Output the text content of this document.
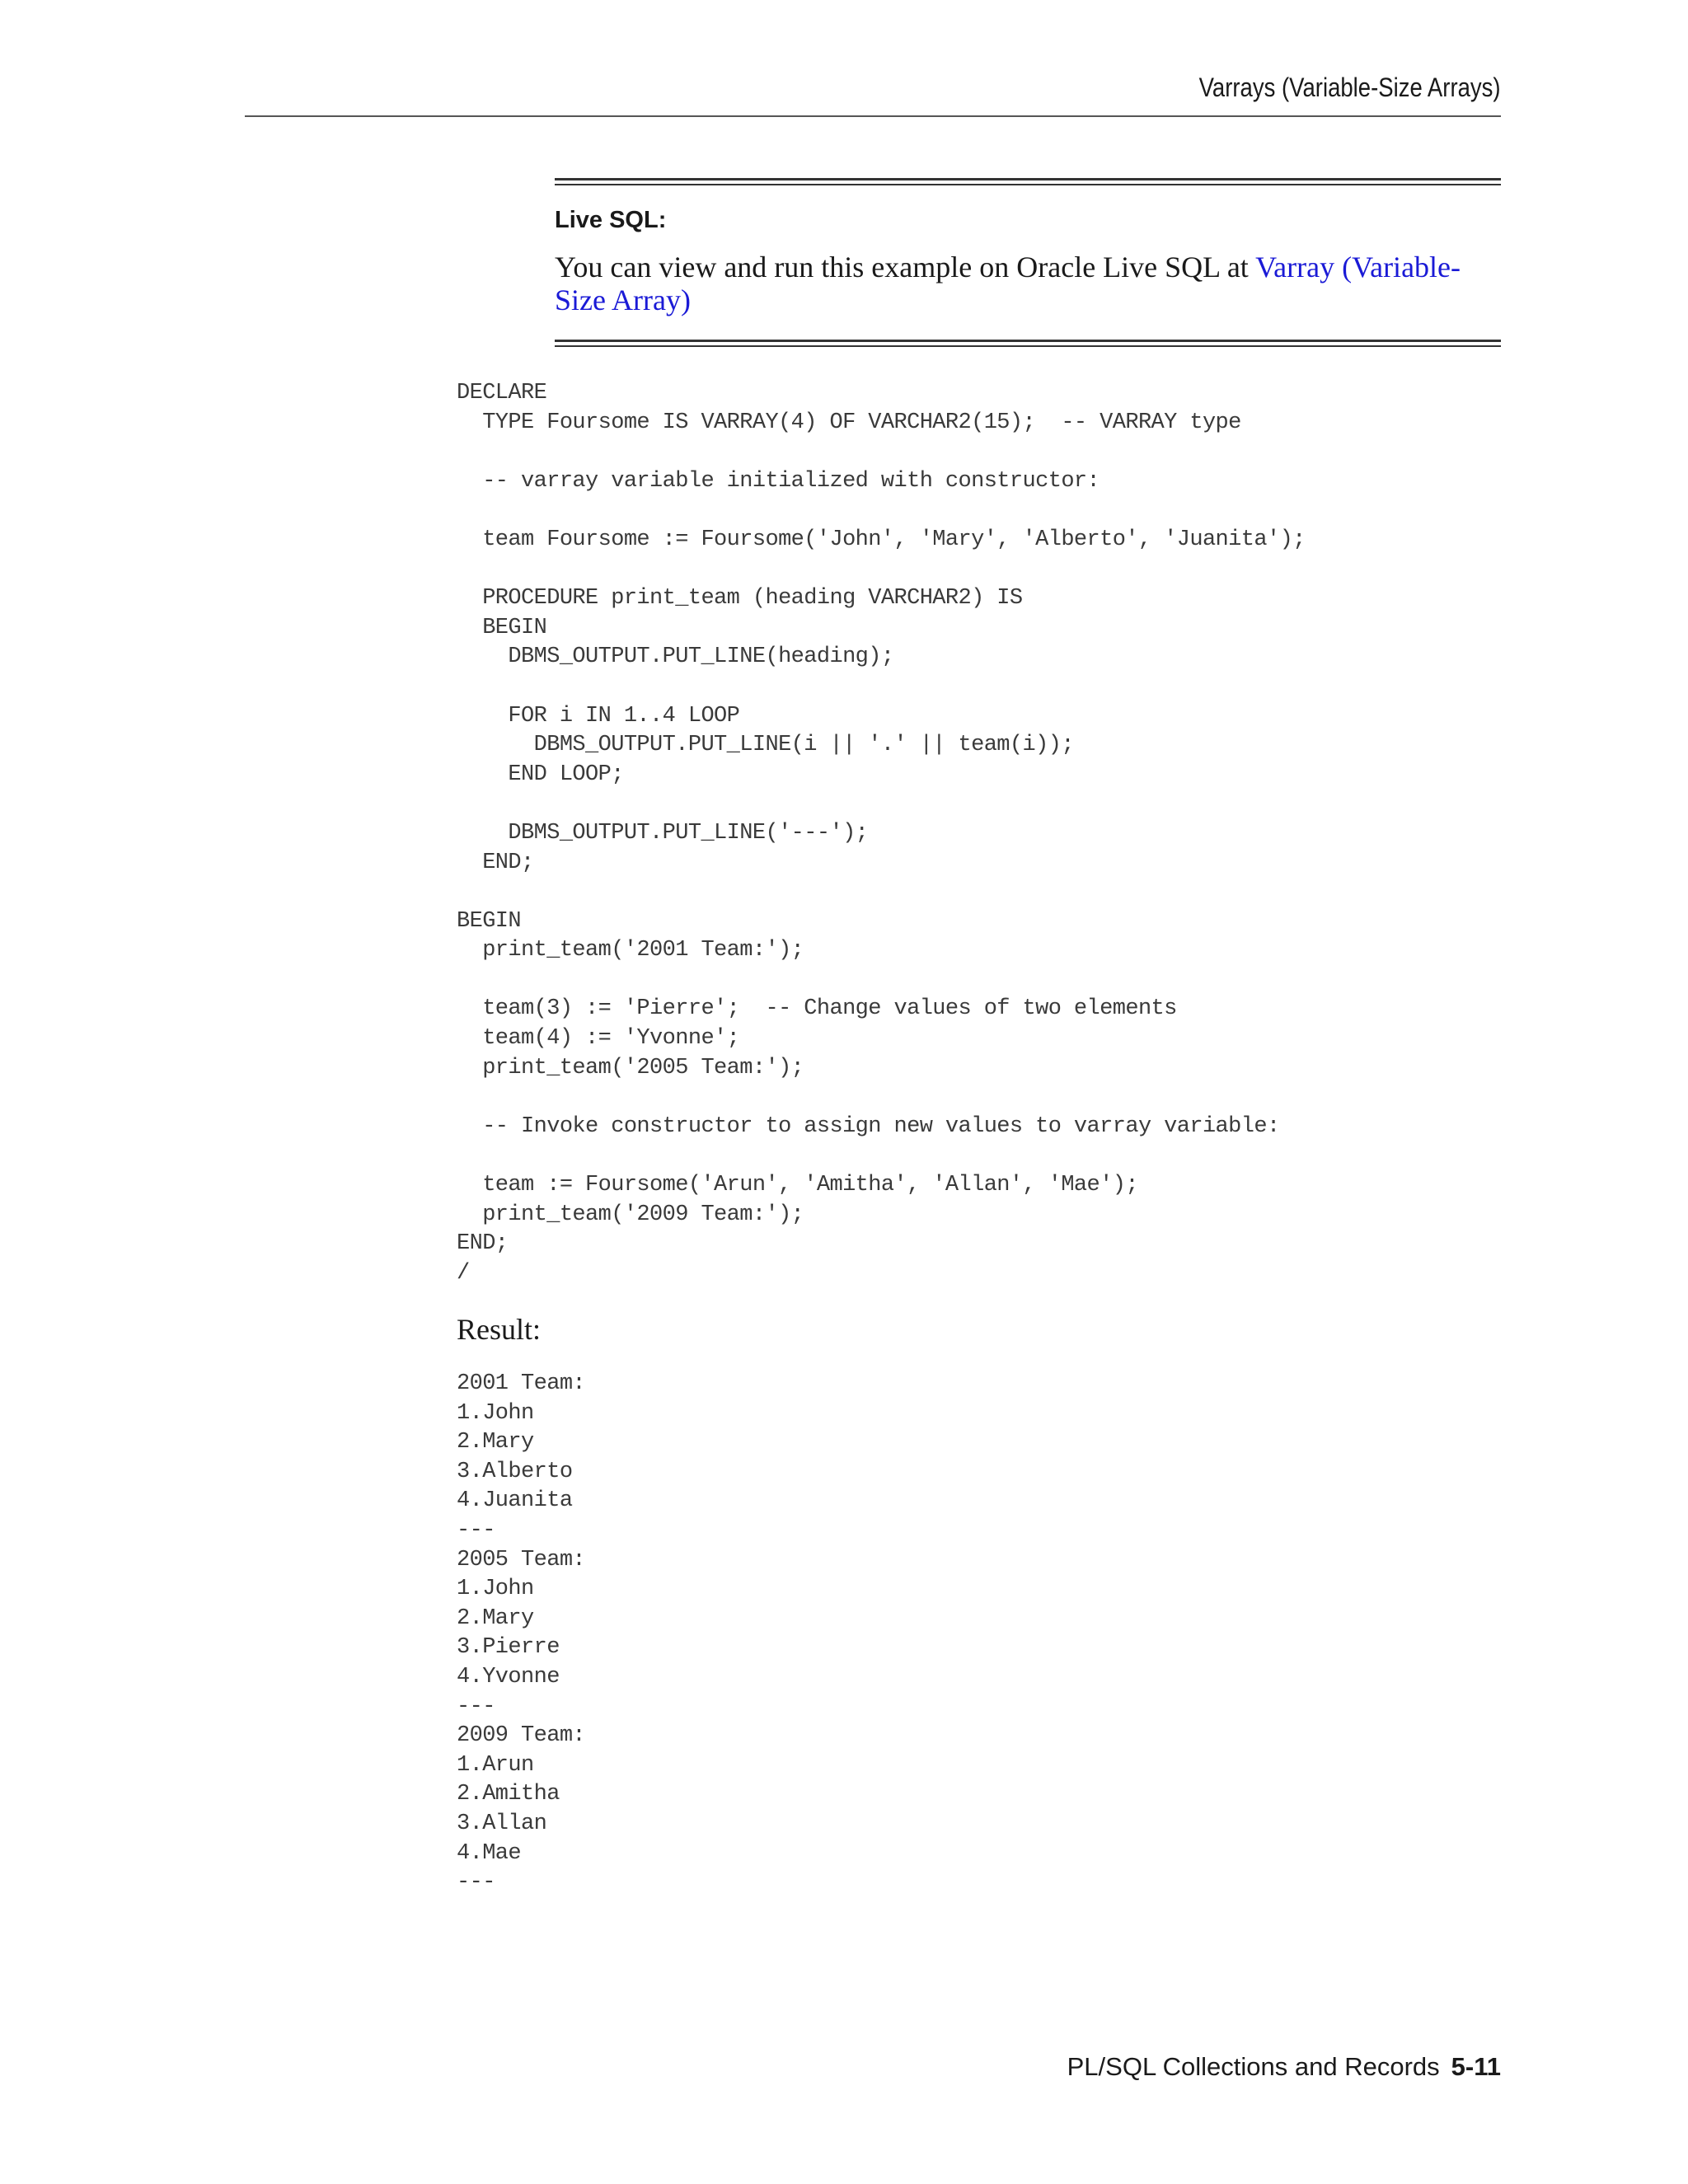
Varrays (Variable-Size Arrays)
Live SQL:
You can view and run this example on Oracle Live SQL at Varray (Variable-Size Array)
DECLARE
TYPE Foursome IS VARRAY(4) OF VARCHAR2(15);  -- VARRAY type

-- varray variable initialized with constructor:

team Foursome := Foursome('John', 'Mary', 'Alberto', 'Juanita');

PROCEDURE print_team (heading VARCHAR2) IS
BEGIN
DBMS_OUTPUT.PUT_LINE(heading);

FOR i IN 1..4 LOOP
DBMS_OUTPUT.PUT_LINE(i || '.' || team(i));
END LOOP;

DBMS_OUTPUT.PUT_LINE('---');
END;

BEGIN
print_team('2001 Team:');

team(3) := 'Pierre';  -- Change values of two elements
team(4) := 'Yvonne';
print_team('2005 Team:');

-- Invoke constructor to assign new values to varray variable:

team := Foursome('Arun', 'Amitha', 'Allan', 'Mae');
print_team('2009 Team:');
END;
/
Result:
2001 Team:
1.John
2.Mary
3.Alberto
4.Juanita
---
2005 Team:
1.John
2.Mary
3.Pierre
4.Yvonne
---
2009 Team:
1.Arun
2.Amitha
3.Allan
4.Mae
---
PL/SQL Collections and Records 5-11
